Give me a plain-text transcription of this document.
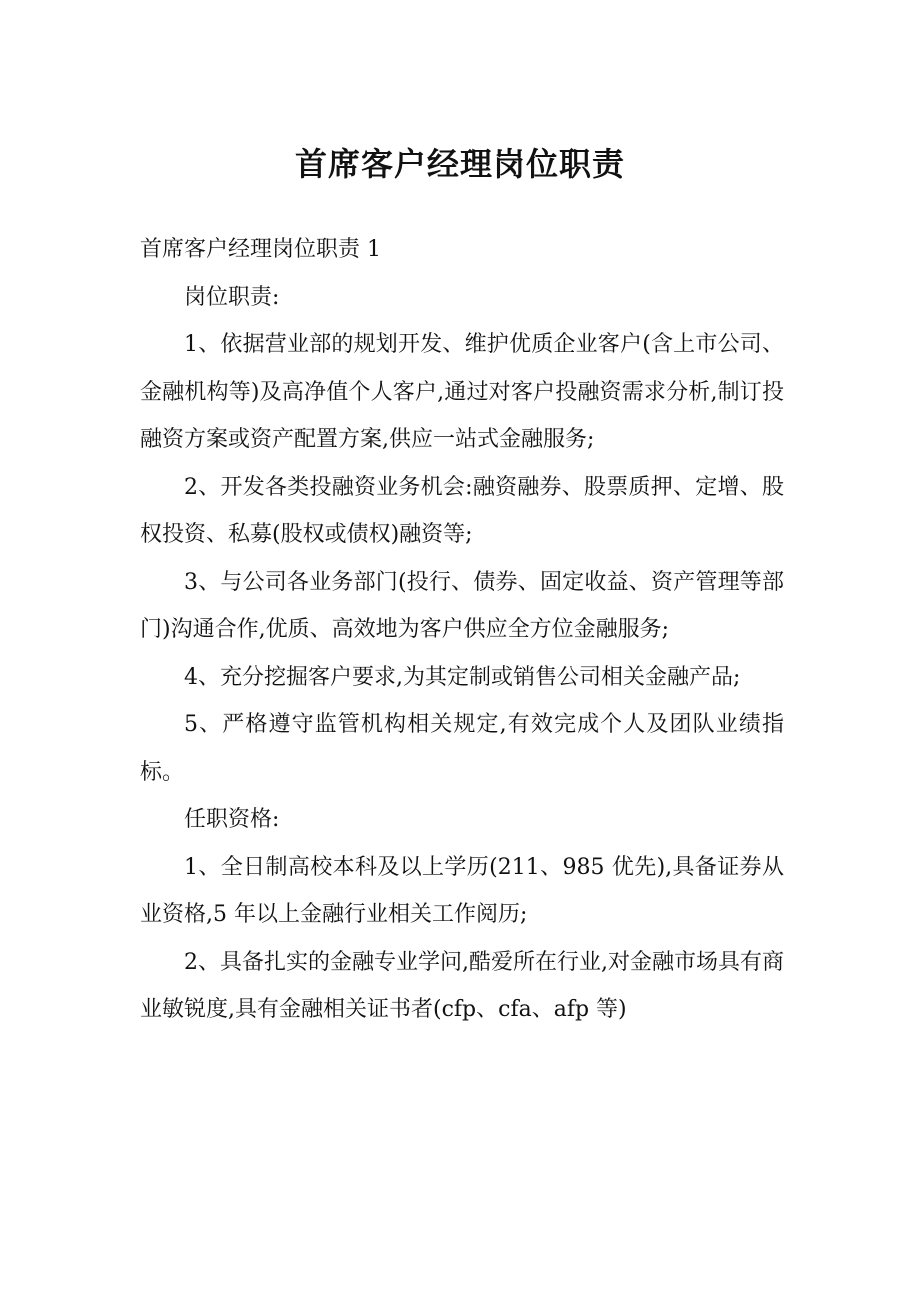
首席客户经理岗位职责

首席客户经理岗位职责 1

岗位职责:

1、依据营业部的规划开发、维护优质企业客户(含上市公司、金融机构等)及高净值个人客户,通过对客户投融资需求分析,制订投融资方案或资产配置方案,供应一站式金融服务;

2、开发各类投融资业务机会:融资融券、股票质押、定增、股权投资、私募(股权或债权)融资等;

3、与公司各业务部门(投行、债券、固定收益、资产管理等部门)沟通合作,优质、高效地为客户供应全方位金融服务;

4、充分挖掘客户要求,为其定制或销售公司相关金融产品;

5、严格遵守监管机构相关规定,有效完成个人及团队业绩指标。

任职资格:

1、全日制高校本科及以上学历(211、985 优先),具备证券从业资格,5 年以上金融行业相关工作阅历;

2、具备扎实的金融专业学问,酷爱所在行业,对金融市场具有商业敏锐度,具有金融相关证书者(cfp、cfa、afp 等)
